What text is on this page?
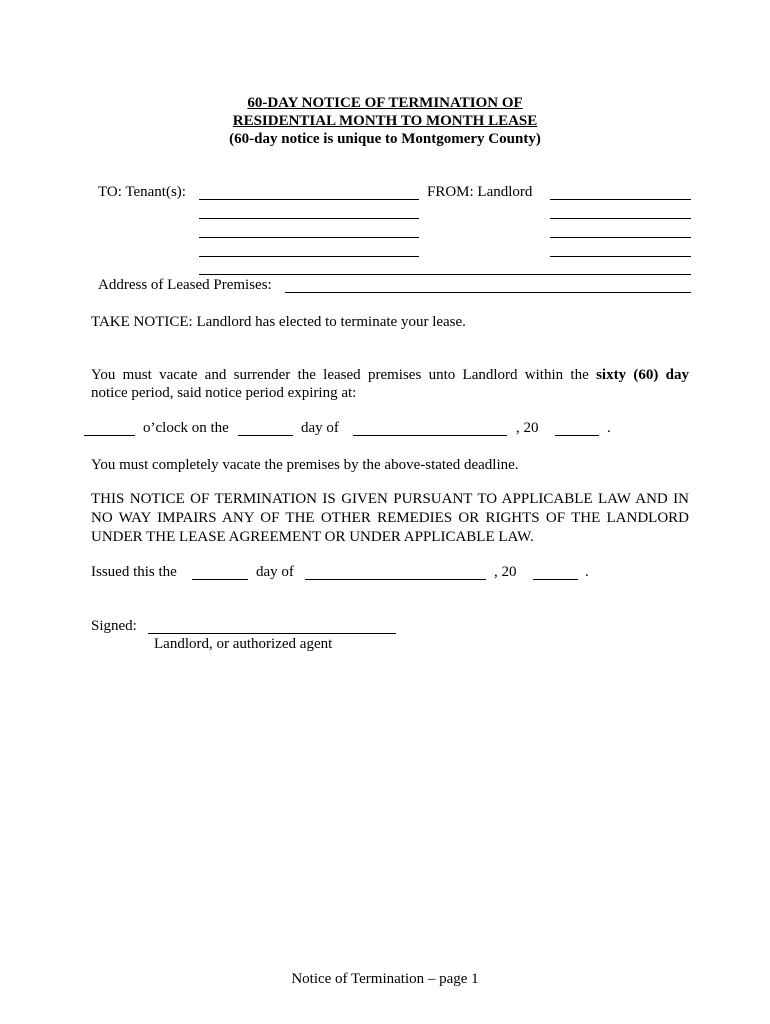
60-DAY NOTICE OF TERMINATION OF
RESIDENTIAL MONTH TO MONTH LEASE
(60-day notice is unique to Montgomery County)
TO: Tenant(s):	FROM: Landlord
Address of Leased Premises:
TAKE NOTICE: Landlord has elected to terminate your lease.
You must vacate and surrender the leased premises unto Landlord within the sixty (60) day
notice period, said notice period expiring at:
o’clock on the	day of	, 20	.
You must completely vacate the premises by the above-stated deadline.
THIS NOTICE OF TERMINATION IS GIVEN PURSUANT TO APPLICABLE LAW AND IN NO WAY IMPAIRS ANY OF THE OTHER REMEDIES OR RIGHTS OF THE LANDLORD UNDER THE LEASE AGREEMENT OR UNDER APPLICABLE LAW.
Issued this the	day of	, 20	.
Signed:
Landlord, or authorized agent
Notice of Termination – page 1
